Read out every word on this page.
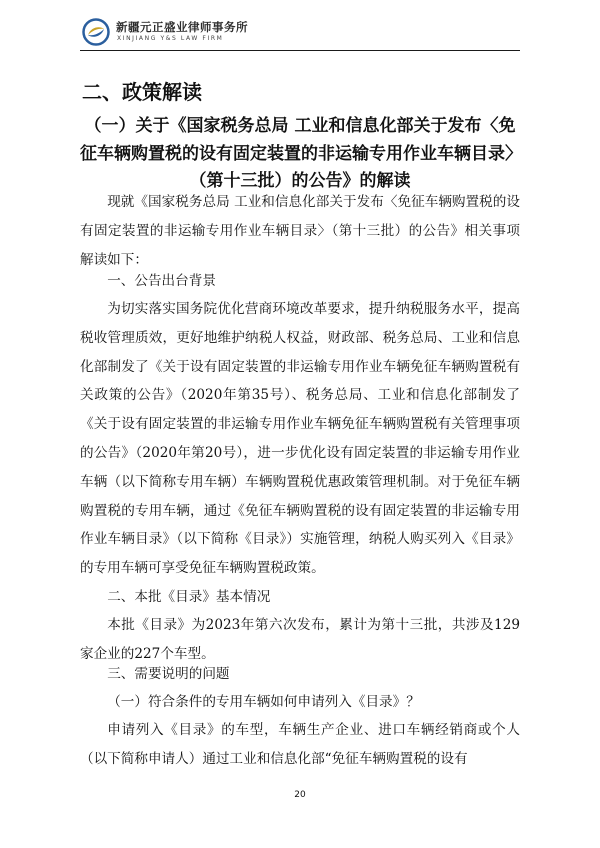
新疆元正盛业律师事务所
XINJIANG Y&S LAW FIRM
二、政策解读
（一）关于《国家税务总局 工业和信息化部关于发布〈免
征车辆购置税的设有固定装置的非运输专用作业车辆目录〉
（第十三批）的公告》的解读

现就《国家税务总局 工业和信息化部关于发布〈免征车辆购置税的设有固定装置的非运输专用作业车辆目录〉（第十三批）的公告》相关事项解读如下：

一、公告出台背景

为切实落实国务院优化营商环境改革要求，提升纳税服务水平，提高税收管理质效，更好地维护纳税人权益，财政部、税务总局、工业和信息化部制发了《关于设有固定装置的非运输专用作业车辆免征车辆购置税有关政策的公告》（2020年第35号）、税务总局、工业和信息化部制发了《关于设有固定装置的非运输专用作业车辆免征车辆购置税有关管理事项的公告》（2020年第20号），进一步优化设有固定装置的非运输专用作业车辆（以下简称专用车辆）车辆购置税优惠政策管理机制。对于免征车辆购置税的专用车辆，通过《免征车辆购置税的设有固定装置的非运输专用作业车辆目录》（以下简称《目录》）实施管理，纳税人购买列入《目录》的专用车辆可享受免征车辆购置税政策。

二、本批《目录》基本情况

本批《目录》为2023年第六次发布，累计为第十三批，共涉及129家企业的227个车型。

三、需要说明的问题

（一）符合条件的专用车辆如何申请列入《目录》？

申请列入《目录》的车型，车辆生产企业、进口车辆经销商或个人（以下简称申请人）通过工业和信息化部“免征车辆购置税的设有

20
